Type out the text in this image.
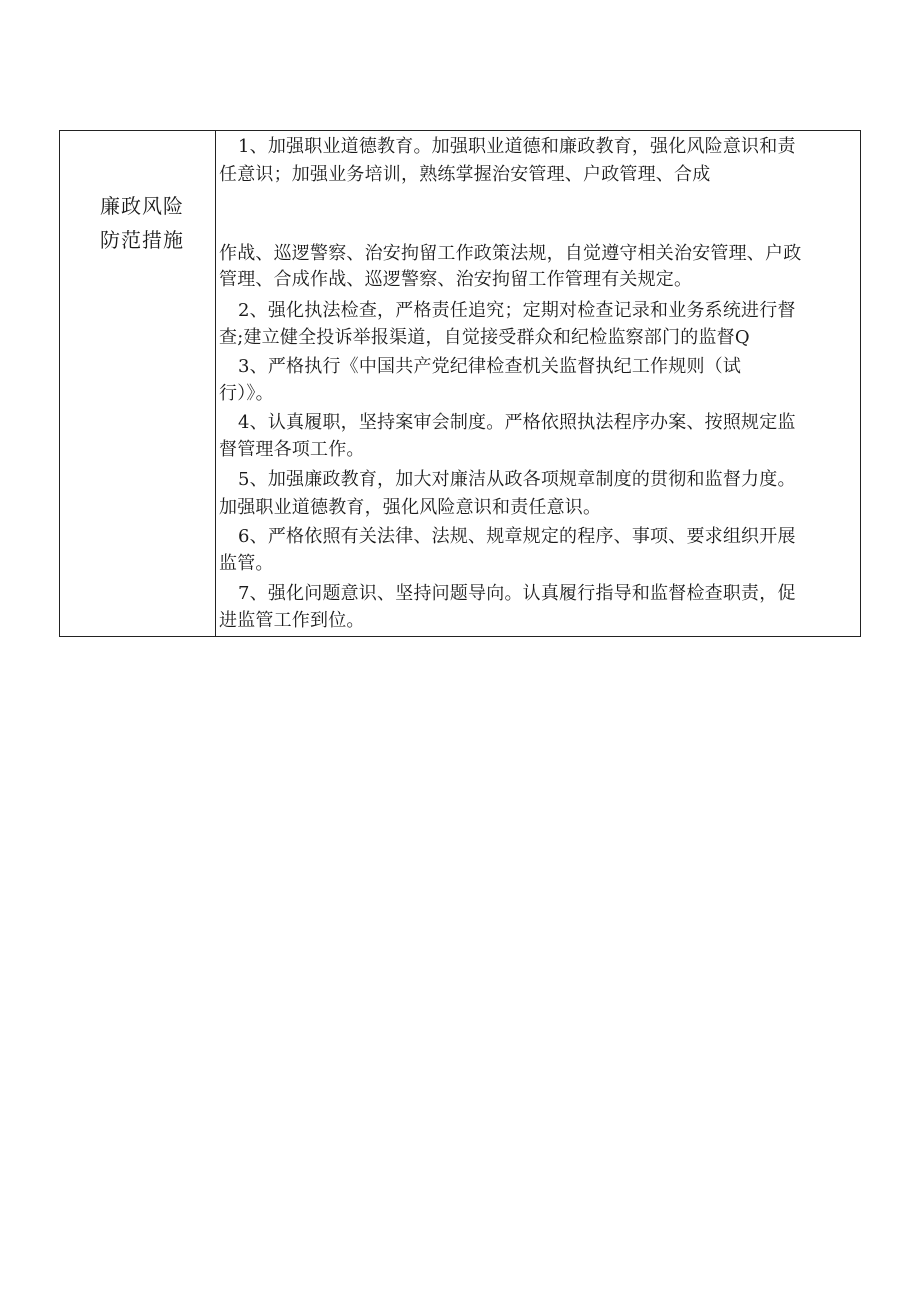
廉政风险
防范措施
1、加强职业道德教育。加强职业道德和廉政教育，强化风险意识和责
任意识；加强业务培训，熟练掌握治安管理、户政管理、合成
作战、巡逻警察、治安拘留工作政策法规，自觉遵守相关治安管理、户政
管理、合成作战、巡逻警察、治安拘留工作管理有关规定。
2、强化执法检查，严格责任追究；定期对检查记录和业务系统进行督
查;建立健全投诉举报渠道，自觉接受群众和纪检监察部门的监督Q
3、严格执行《中国共产党纪律检查机关监督执纪工作规则（试
行）》。
4、认真履职，坚持案审会制度。严格依照执法程序办案、按照规定监
督管理各项工作。
5、加强廉政教育，加大对廉洁从政各项规章制度的贯彻和监督力度。
加强职业道德教育，强化风险意识和责任意识。
6、严格依照有关法律、法规、规章规定的程序、事项、要求组织开展
监管。
7、强化问题意识、坚持问题导向。认真履行指导和监督检查职责，促
进监管工作到位。
